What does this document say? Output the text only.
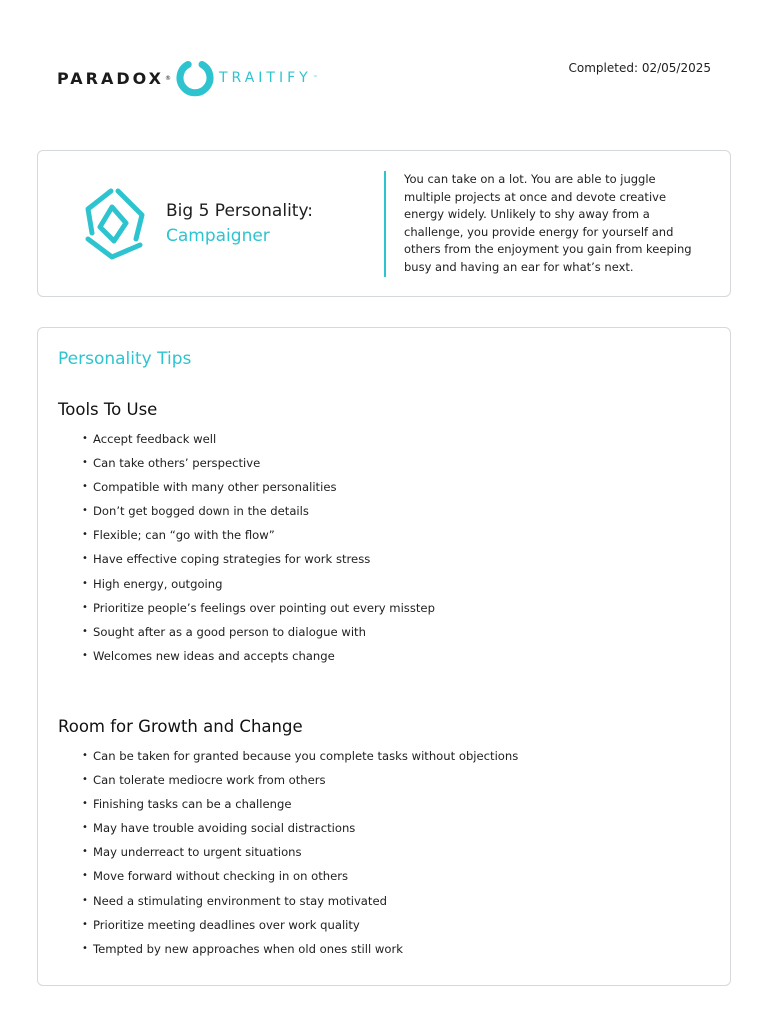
PARADOX ®	TRAITIFY ™
Completed: 02/05/2025
Big 5 Personality:
Campaigner
You can take on a lot. You are able to juggle multiple projects at once and devote creative energy widely. Unlikely to shy away from a challenge, you provide energy for yourself and others from the enjoyment you gain from keeping busy and having an ear for what’s next.
Personality Tips
Tools To Use
• Accept feedback well
• Can take others’ perspective
• Compatible with many other personalities
• Don’t get bogged down in the details
• Flexible; can “go with the flow”
• Have effective coping strategies for work stress
• High energy, outgoing
• Prioritize people’s feelings over pointing out every misstep
• Sought after as a good person to dialogue with
• Welcomes new ideas and accepts change
Room for Growth and Change
• Can be taken for granted because you complete tasks without objections
• Can tolerate mediocre work from others
• Finishing tasks can be a challenge
• May have trouble avoiding social distractions
• May underreact to urgent situations
• Move forward without checking in on others
• Need a stimulating environment to stay motivated
• Prioritize meeting deadlines over work quality
• Tempted by new approaches when old ones still work
